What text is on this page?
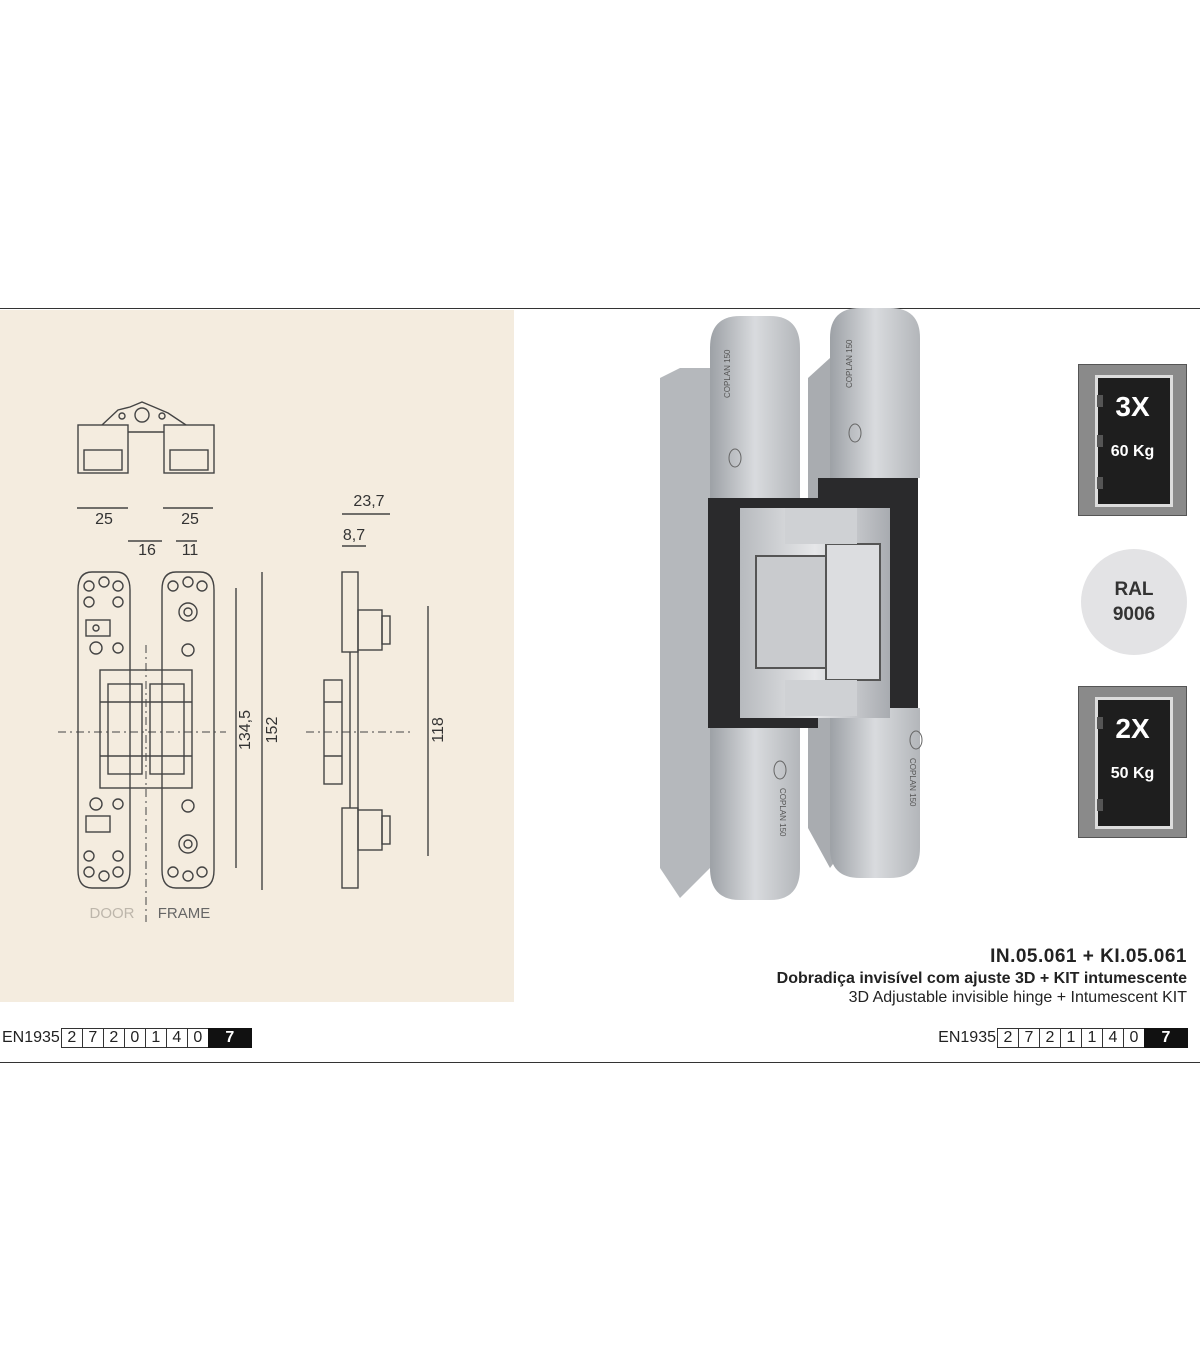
25	25
16 11
23,7
8,7
134,5 152	118
DOOR FRAME
COPLAN 150	COPLAN 150
COPLAN 150
COPLAN 150
3X
60 Kg
RAL
9006
2X
50 Kg
IN.05.061 + KI.05.061
Dobradiça invisível com ajuste 3D + KIT intumescente
3D Adjustable invisible hinge + Intumescent KIT
EN1935 2 7 2 0 1 4 0	7	EN1935 2 7 2 1 1 4 0	7
